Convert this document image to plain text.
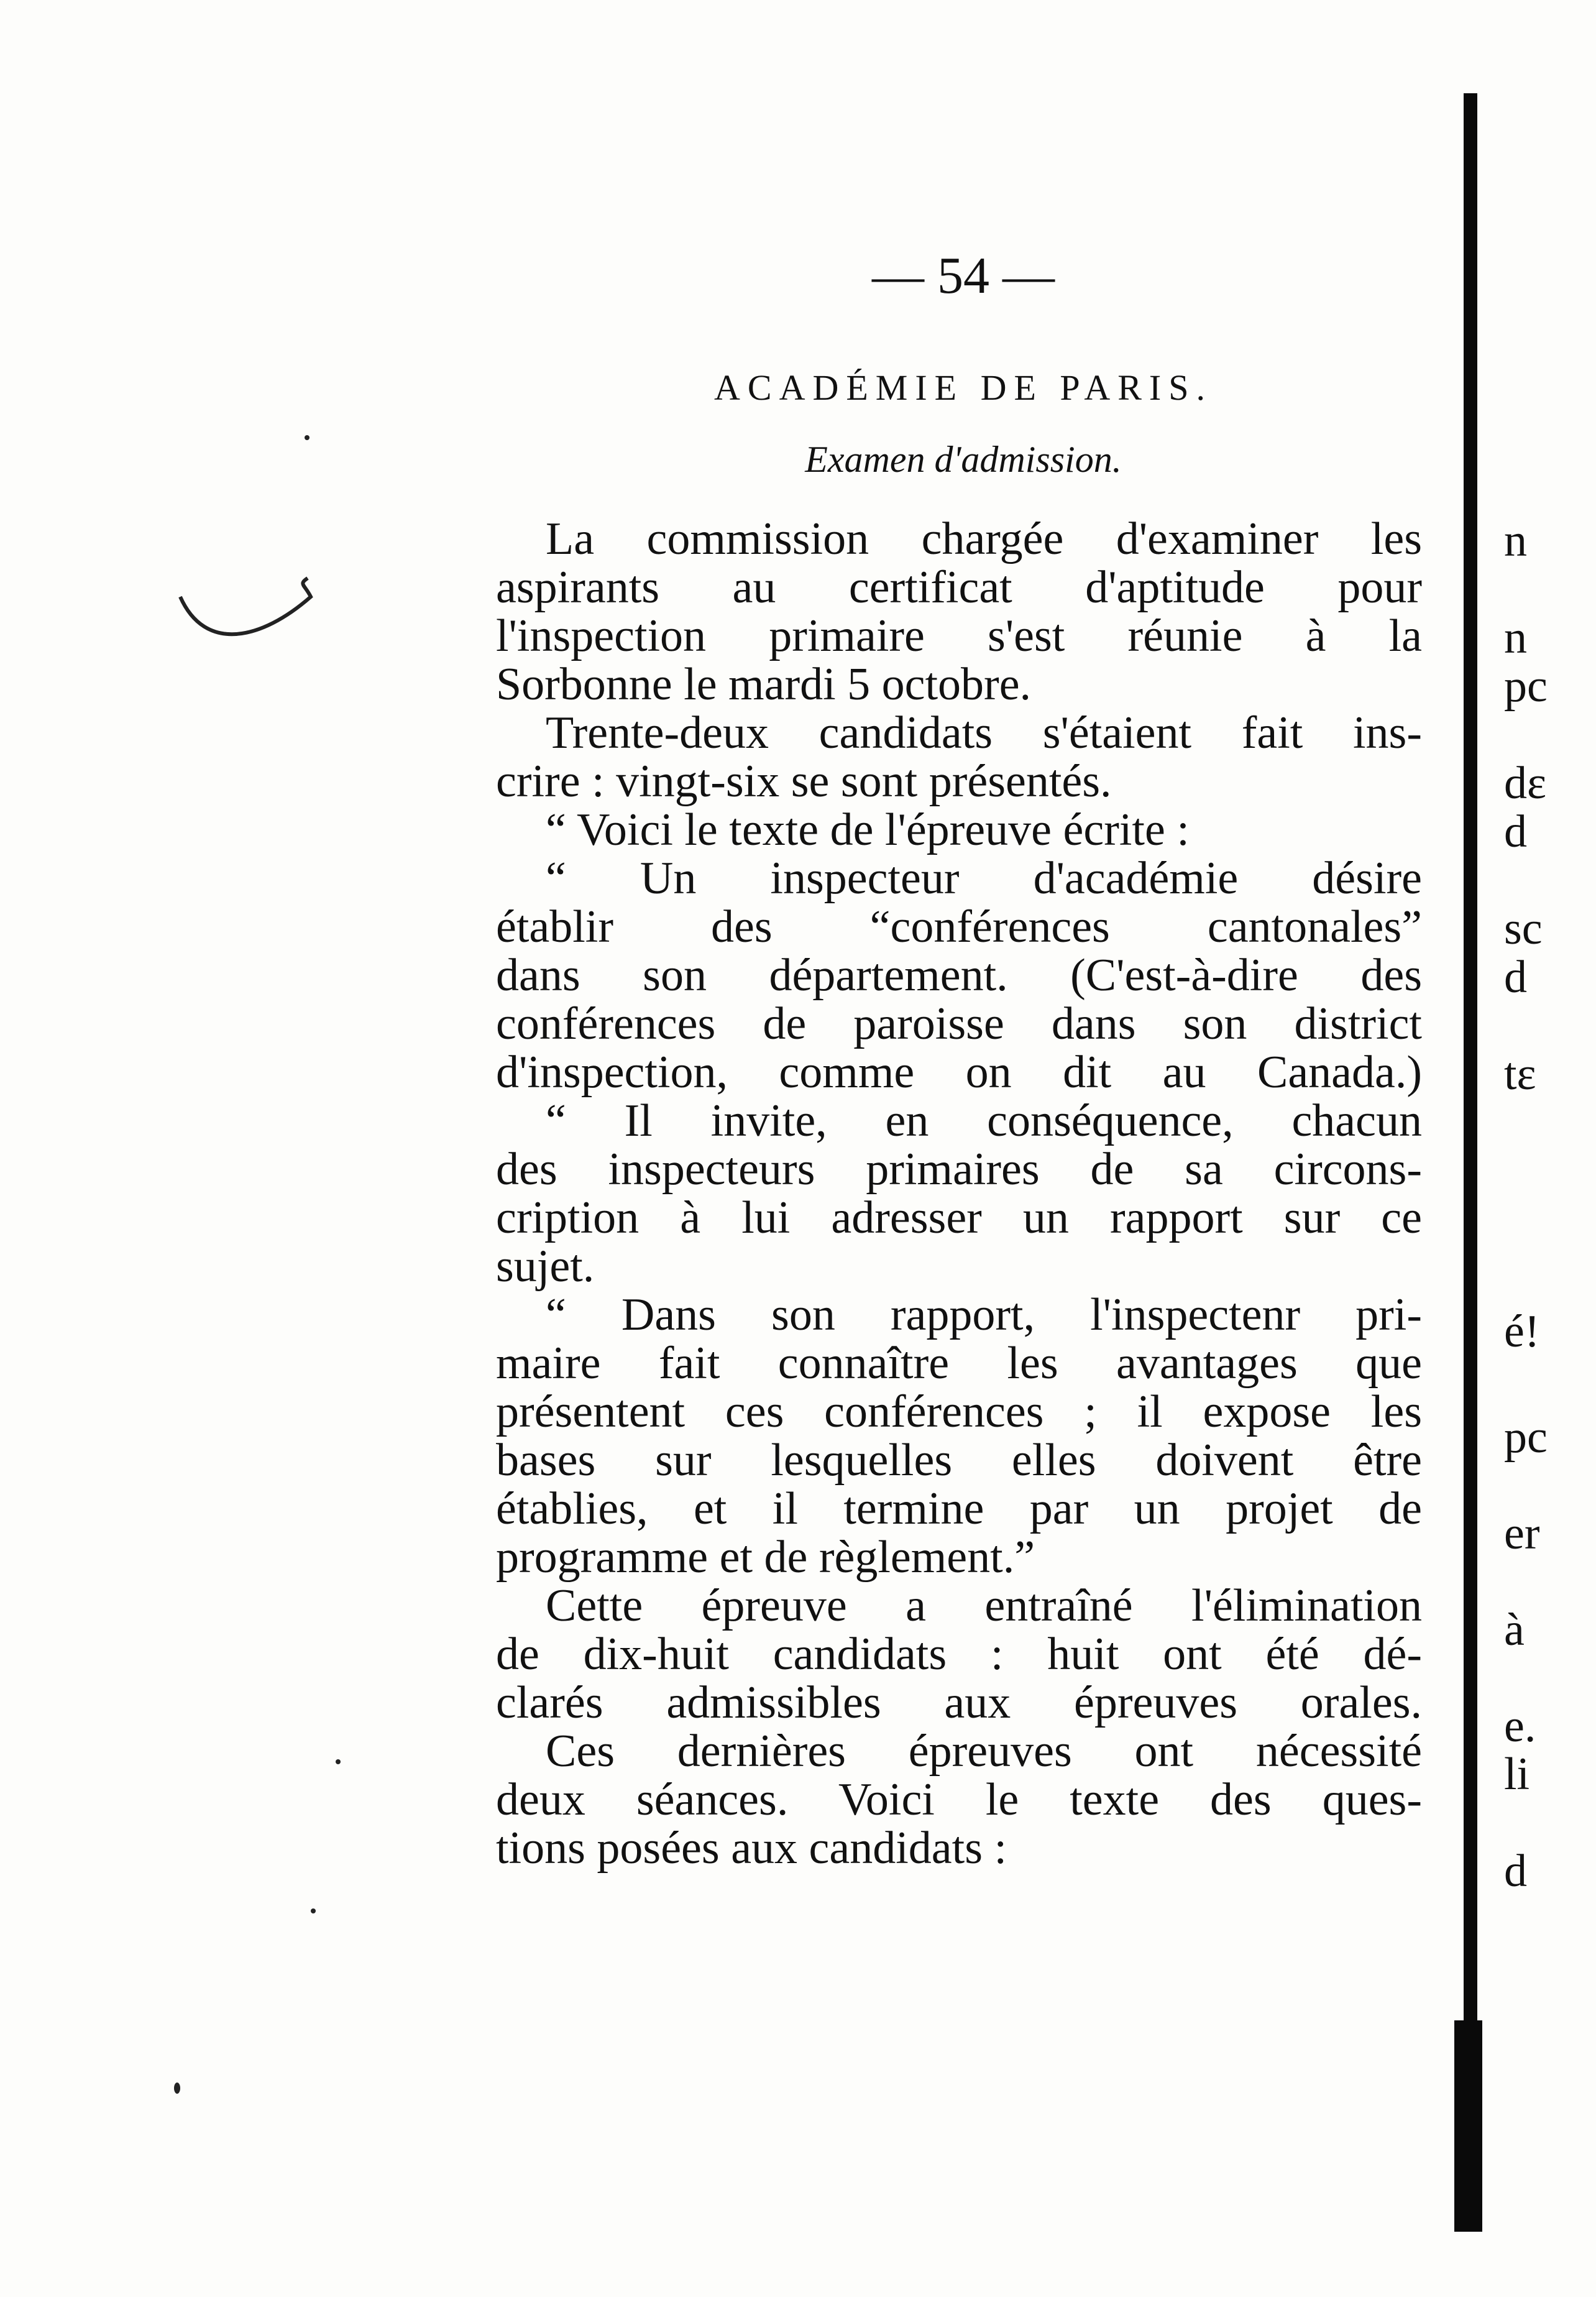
— 54 —
ACADÉMIE DE PARIS.
Examen d'admission.
La commission chargée d'examiner les
aspirants au certificat d'aptitude pour
l'inspection primaire s'est réunie à la
Sorbonne le mardi 5 octobre.
Trente-deux candidats s'étaient fait ins-
crire : vingt-six se sont présentés.
“ Voici le texte de l'épreuve écrite :
“ Un inspecteur d'académie désire
établir des “conférences cantonales”
dans son département. (C'est-à-dire des
conférences de paroisse dans son district
d'inspection, comme on dit au Canada.)
“ Il invite, en conséquence, chacun
des inspecteurs primaires de sa circons-
cription à lui adresser un rapport sur ce
sujet.
“ Dans son rapport, l'inspectenr pri-
maire fait connaître les avantages que
présentent ces conférences ; il expose les
bases sur lesquelles elles doivent être
établies, et il termine par un projet de
programme et de règlement.”
Cette épreuve a entraîné l'élimination
de dix-huit candidats : huit ont été dé-
clarés admissibles aux épreuves orales.
Ces dernières épreuves ont nécessité
deux séances. Voici le texte des ques-
tions posées aux candidats :
n
n
pc
dε
d
sc
d
tε
é!
pc
er
à
e.
li
d
